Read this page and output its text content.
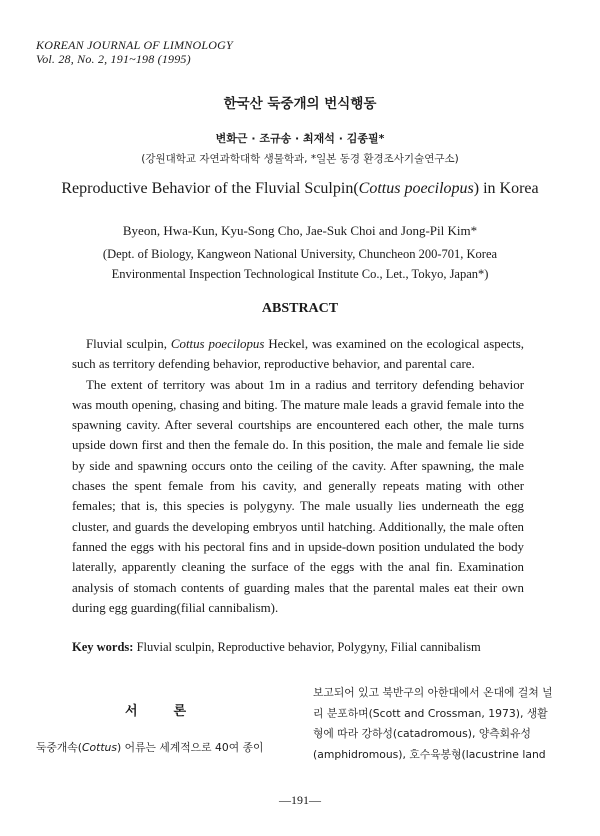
KOREAN JOURNAL OF LIMNOLOGY
Vol. 28, No. 2, 191~198 (1995)
한국산 둑중개의 번식행동
변화근 · 조규송 · 최재석 · 김종필*
(강원대학교 자연과학대학 생물학과, *일본 동경 환경조사기술연구소)
Reproductive Behavior of the Fluvial Sculpin(Cottus poecilopus) in Korea
Byeon, Hwa-Kun, Kyu-Song Cho, Jae-Suk Choi and Jong-Pil Kim*
(Dept. of Biology, Kangweon National University, Chuncheon 200-701, Korea
Environmental Inspection Technological Institute Co., Let., Tokyo, Japan*)
ABSTRACT

Fluvial sculpin, Cottus poecilopus Heckel, was examined on the ecological aspects, such as territory defending behavior, reproductive behavior, and parental care.

The extent of territory was about 1m in a radius and territory defending behavior was mouth opening, chasing and biting. The mature male leads a gravid female into the spawning cavity. After several courtships are encountered each other, the male turns upside down first and then the female do. In this position, the male and female lie side by side and spawning occurs onto the ceiling of the cavity. After spawning, the male chases the spent female from his cavity, and generally repeats mating with other females; that is, this species is polygyny. The male usually lies underneath the egg cluster, and guards the developing embryos until hatching. Additionally, the male often fanned the eggs with his pectoral fins and in upside-down position undulated the body laterally, apparently cleaning the surface of the eggs with the anal fin. Examination analysis of stomach contents of guarding males that the parental males eat their own during egg guarding(filial cannibalism).

Key words: Fluvial sculpin, Reproductive behavior, Polygyny, Filial cannibalism
서론
둑중개속(Cottus) 어류는 세계적으로 40여 종이
보고되어 있고 북반구의 아한대에서 온대에 걸쳐 널
리 분포하며(Scott and Crossman, 1973), 생활
형에 따라 강하성(catadromous), 양측회유성
(amphidromous), 호수육봉형(lacustrine land
—191—
